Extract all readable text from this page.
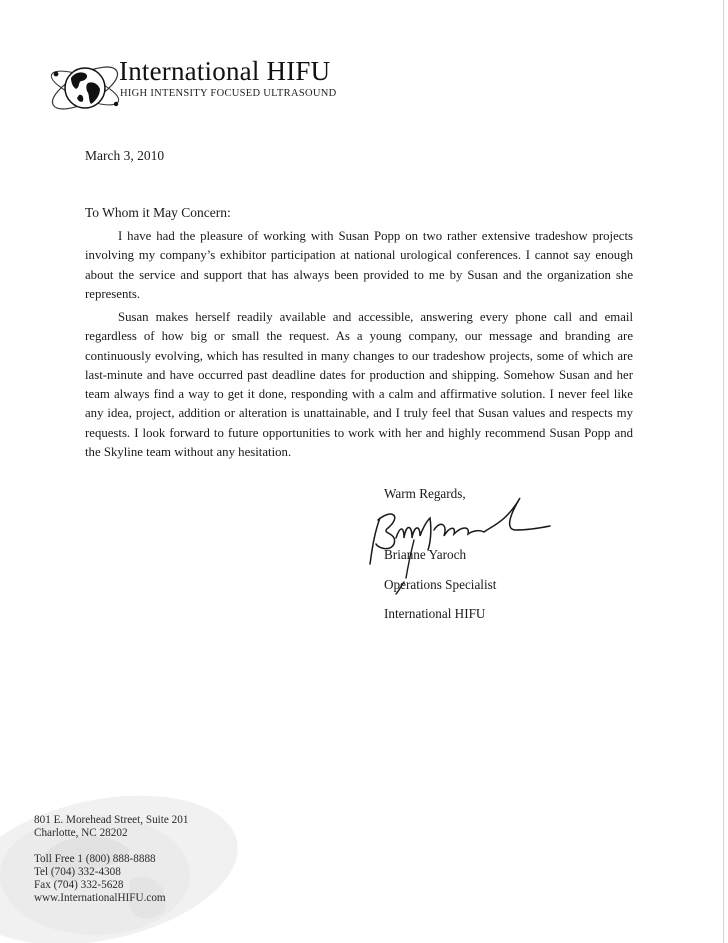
International HIFU
HIGH INTENSITY FOCUSED ULTRASOUND
March 3, 2010
To Whom it May Concern:
I have had the pleasure of working with Susan Popp on two rather extensive tradeshow projects involving my company’s exhibitor participation at national urological conferences. I cannot say enough about the service and support that has always been provided to me by Susan and the organization she represents.
Susan makes herself readily available and accessible, answering every phone call and email regardless of how big or small the request. As a young company, our message and branding are continuously evolving, which has resulted in many changes to our tradeshow projects, some of which are last-minute and have occurred past deadline dates for production and shipping. Somehow Susan and her team always find a way to get it done, responding with a calm and affirmative solution. I never feel like any idea, project, addition or alteration is unattainable, and I truly feel that Susan values and respects my requests. I look forward to future opportunities to work with her and highly recommend Susan Popp and the Skyline team without any hesitation.
Warm Regards,
Brianne Yaroch
Operations Specialist
International HIFU
801 E. Morehead Street, Suite 201
Charlotte, NC 28202
Toll Free 1 (800) 888-8888
Tel (704) 332-4308
Fax (704) 332-5628
www.InternationalHIFU.com
